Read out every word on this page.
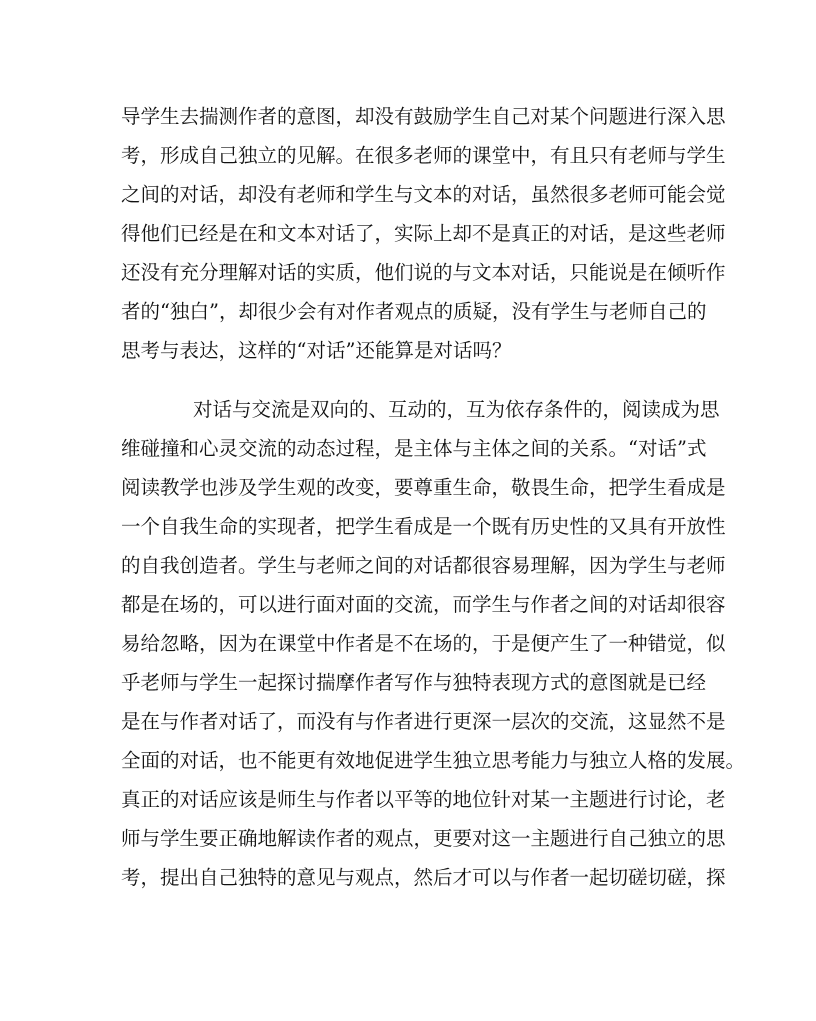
导学生去揣测作者的意图，却没有鼓励学生自己对某个问题进行深入思
考，形成自己独立的见解。在很多老师的课堂中，有且只有老师与学生
之间的对话，却没有老师和学生与文本的对话，虽然很多老师可能会觉
得他们已经是在和文本对话了，实际上却不是真正的对话，是这些老师
还没有充分理解对话的实质，他们说的与文本对话，只能说是在倾听作
者的“独白”，却很少会有对作者观点的质疑，没有学生与老师自己的
思考与表达，这样的“对话”还能算是对话吗？
对话与交流是双向的、互动的，互为依存条件的，阅读成为思
维碰撞和心灵交流的动态过程，是主体与主体之间的关系。“对话”式
阅读教学也涉及学生观的改变，要尊重生命，敬畏生命，把学生看成是
一个自我生命的实现者，把学生看成是一个既有历史性的又具有开放性
的自我创造者。学生与老师之间的对话都很容易理解，因为学生与老师
都是在场的，可以进行面对面的交流，而学生与作者之间的对话却很容
易给忽略，因为在课堂中作者是不在场的，于是便产生了一种错觉，似
乎老师与学生一起探讨揣摩作者写作与独特表现方式的意图就是已经
是在与作者对话了，而没有与作者进行更深一层次的交流，这显然不是
全面的对话，也不能更有效地促进学生独立思考能力与独立人格的发展。
真正的对话应该是师生与作者以平等的地位针对某一主题进行讨论，老
师与学生要正确地解读作者的观点，更要对这一主题进行自己独立的思
考，提出自己独特的意见与观点，然后才可以与作者一起切磋切磋，探
